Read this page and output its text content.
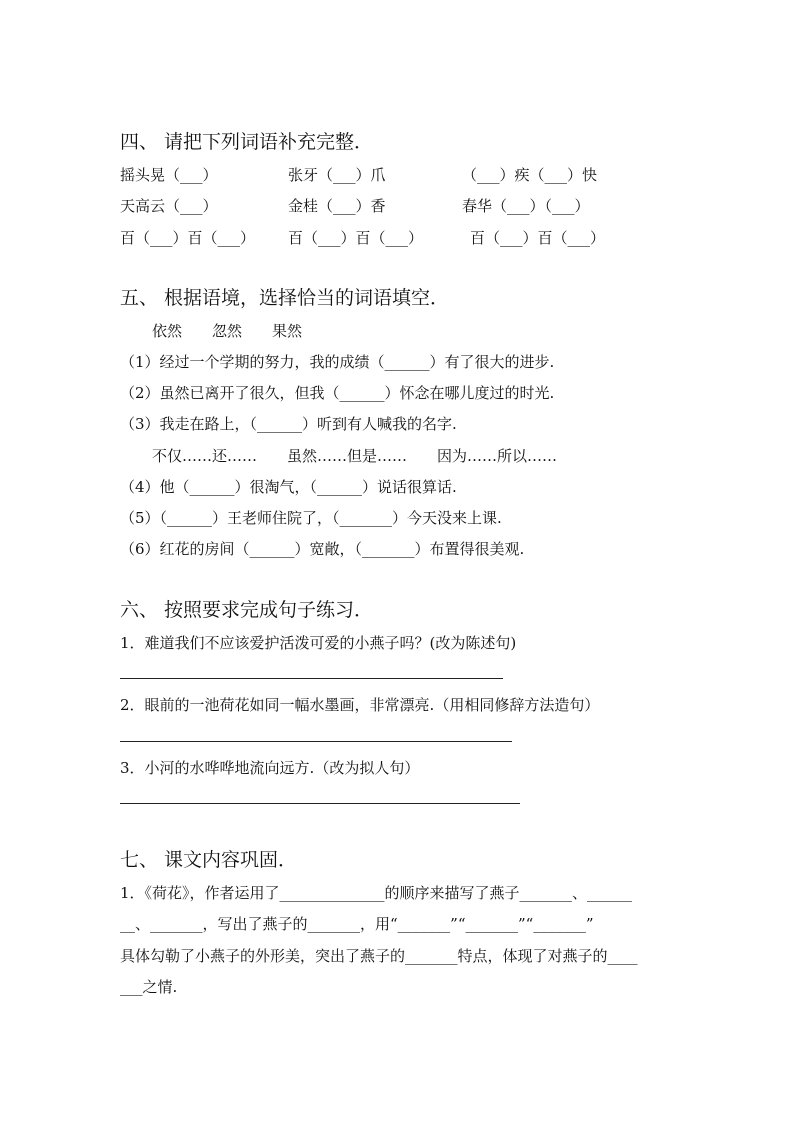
四、 请把下列词语补充完整．
摇头晃（___）	张牙（___）爪	（___）疾（___）快
天高云（___）	金桂（___）香	春华（___）（___）
百（___）百（___） 百（___）百（___）	百（___）百（___）
五、 根据语境，选择恰当的词语填空．
依然　　忽然　　果然
（1）经过一个学期的努力，我的成绩（______）有了很大的进步.
（2）虽然已离开了很久，但我（______）怀念在哪儿度过的时光.
（3）我走在路上，（______）听到有人喊我的名字.
不仅……还……　　虽然……但是……　　因为……所以……
（4）他（______）很淘气，（______）说话很算话.
（5）（______）王老师住院了，（_______）今天没来上课.
（6）红花的房间（______）宽敞，（_______）布置得很美观.
六、 按照要求完成句子练习．
1．难道我们不应该爱护活泼可爱的小燕子吗？(改为陈述句)
2．眼前的一池荷花如同一幅水墨画，非常漂亮.（用相同修辞方法造句）
3．小河的水哗哗地流向远方.（改为拟人句）
七、 课文内容巩固．
1．《荷花》，作者运用了______________的顺序来描写了燕子_______、______
__、_______，写出了燕子的_______，用“_______”“_______”“_______”
具体勾勒了小燕子的外形美，突出了燕子的_______特点，体现了对燕子的____
___之情.
